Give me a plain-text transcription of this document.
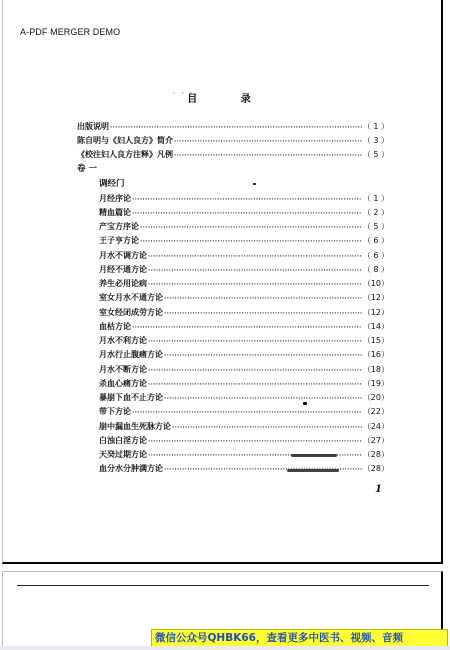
A-PDF MERGER DEMO
· · ·
目 录
出版说明 ·····	（ 1 ）
陈自明与《妇人良方》简介 ·····	（ 3 ）
《校注妇人良方注释》凡例 ·····	（ 5 ）
卷 一
调经门
月经序论 ·····	（ 1 ）
精血篇论 ·····	（ 2 ）
产宝方序论 ·····	（ 5 ）
王子亨方论 ·····	（ 6 ）
月水不调方论 ·····	（ 6 ）
月经不通方论 ·····	（ 8 ）
养生必用论病 ·····	（10）
室女月水不通方论 ·····	（12）
室女经闭成劳方论 ·····	（12）
血枯方论 ·····	（14）
月水不利方论 ·····	（15）
月水行止腹痛方论 ·····	（16）
月水不断方论 ·····	（18）
杀血心痛方论 ·····	（19）
暴崩下血不止方论 ·····	（20）
带下方论 ·····	（22）
崩中漏血生死脉方论 ·····	（24）
白浊白淫方论 ·····	（27）
天癸过期方论 ·····	（28）
血分水分肿满方论 ·····	（28）
1
微信公众号QHBK66，查看更多中医书、视频、音频
